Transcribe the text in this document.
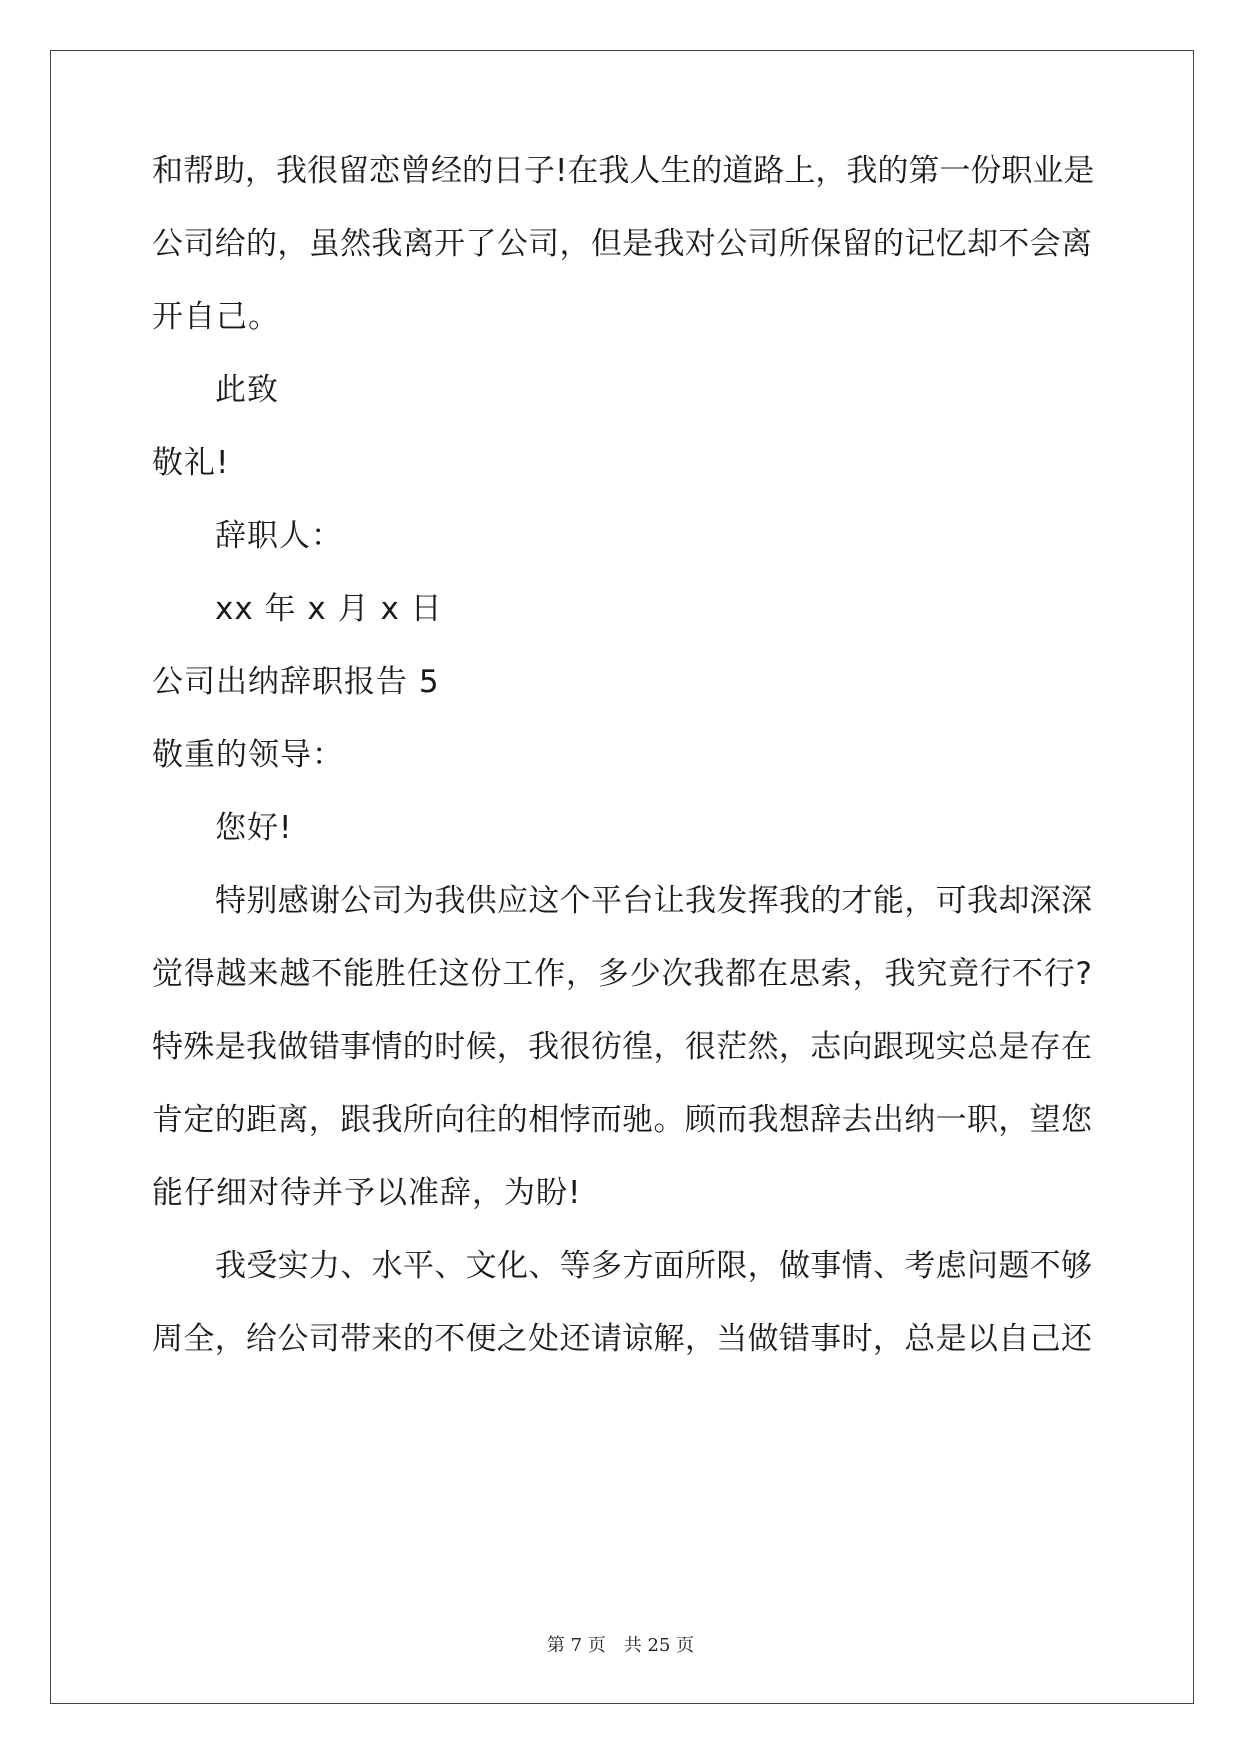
和帮助，我很留恋曾经的日子!在我人生的道路上，我的第一份职业是
公司给的，虽然我离开了公司，但是我对公司所保留的记忆却不会离
开自己。
此致
敬礼!
辞职人：
xx 年 x 月 x 日
公司出纳辞职报告 5
敬重的领导：
您好!
特别感谢公司为我供应这个平台让我发挥我的才能，可我却深深
觉得越来越不能胜任这份工作，多少次我都在思索，我究竟行不行?
特殊是我做错事情的时候，我很彷徨，很茫然，志向跟现实总是存在
肯定的距离，跟我所向往的相悖而驰。顾而我想辞去出纳一职，望您
能仔细对待并予以准辞，为盼!
我受实力、水平、文化、等多方面所限，做事情、考虑问题不够
周全，给公司带来的不便之处还请谅解，当做错事时，总是以自己还
第 7 页　共 25 页
